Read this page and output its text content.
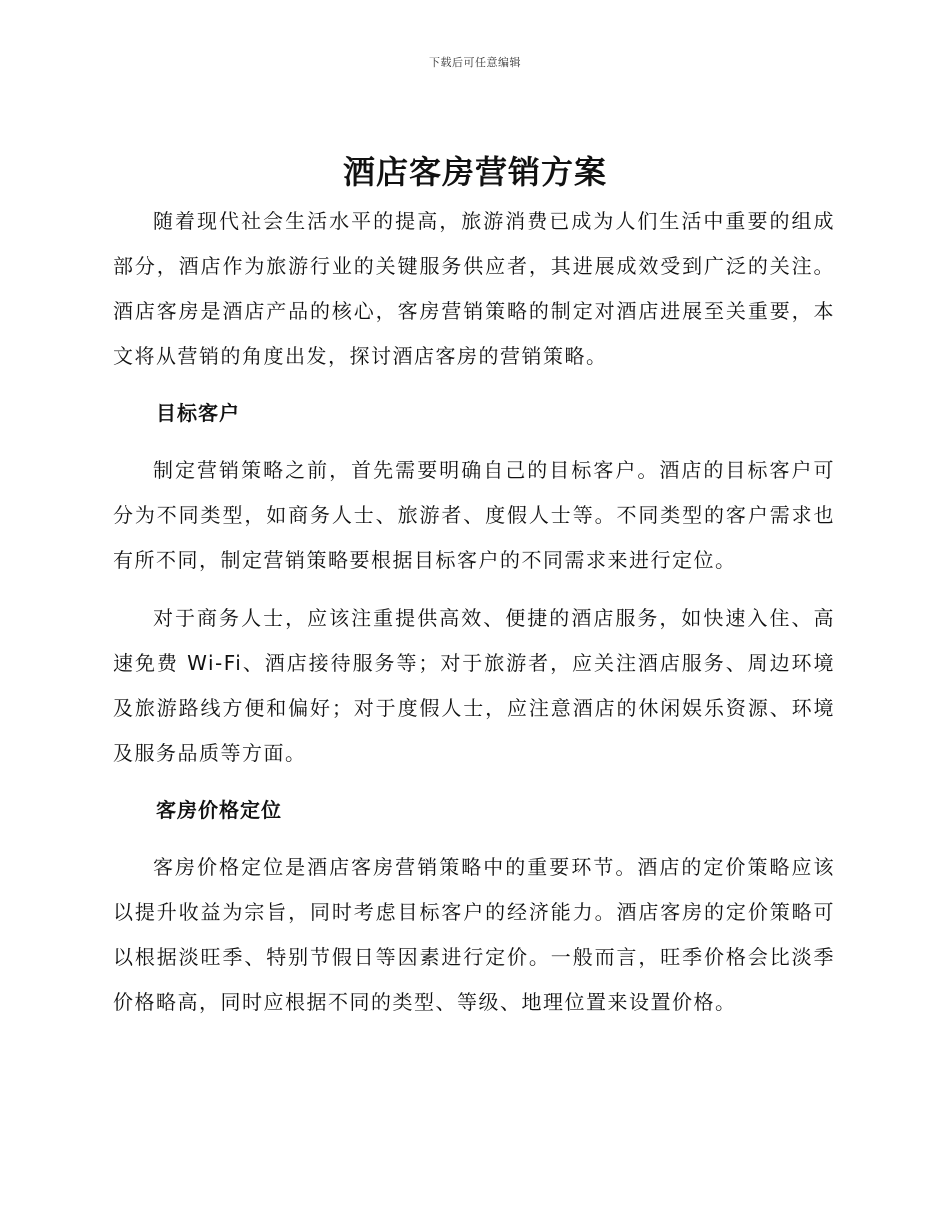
下载后可任意编辑
酒店客房营销方案

随着现代社会生活水平的提高，旅游消费已成为人们生活中重要的组成部分，酒店作为旅游行业的关键服务供应者，其进展成效受到广泛的关注。酒店客房是酒店产品的核心，客房营销策略的制定对酒店进展至关重要，本文将从营销的角度出发，探讨酒店客房的营销策略。

目标客户

制定营销策略之前，首先需要明确自己的目标客户。酒店的目标客户可分为不同类型，如商务人士、旅游者、度假人士等。不同类型的客户需求也有所不同，制定营销策略要根据目标客户的不同需求来进行定位。

对于商务人士，应该注重提供高效、便捷的酒店服务，如快速入住、高速免费 Wi-Fi、酒店接待服务等；对于旅游者，应关注酒店服务、周边环境及旅游路线方便和偏好；对于度假人士，应注意酒店的休闲娱乐资源、环境及服务品质等方面。

客房价格定位

客房价格定位是酒店客房营销策略中的重要环节。酒店的定价策略应该以提升收益为宗旨，同时考虑目标客户的经济能力。酒店客房的定价策略可以根据淡旺季、特别节假日等因素进行定价。一般而言，旺季价格会比淡季价格略高，同时应根据不同的类型、等级、地理位置来设置价格。
